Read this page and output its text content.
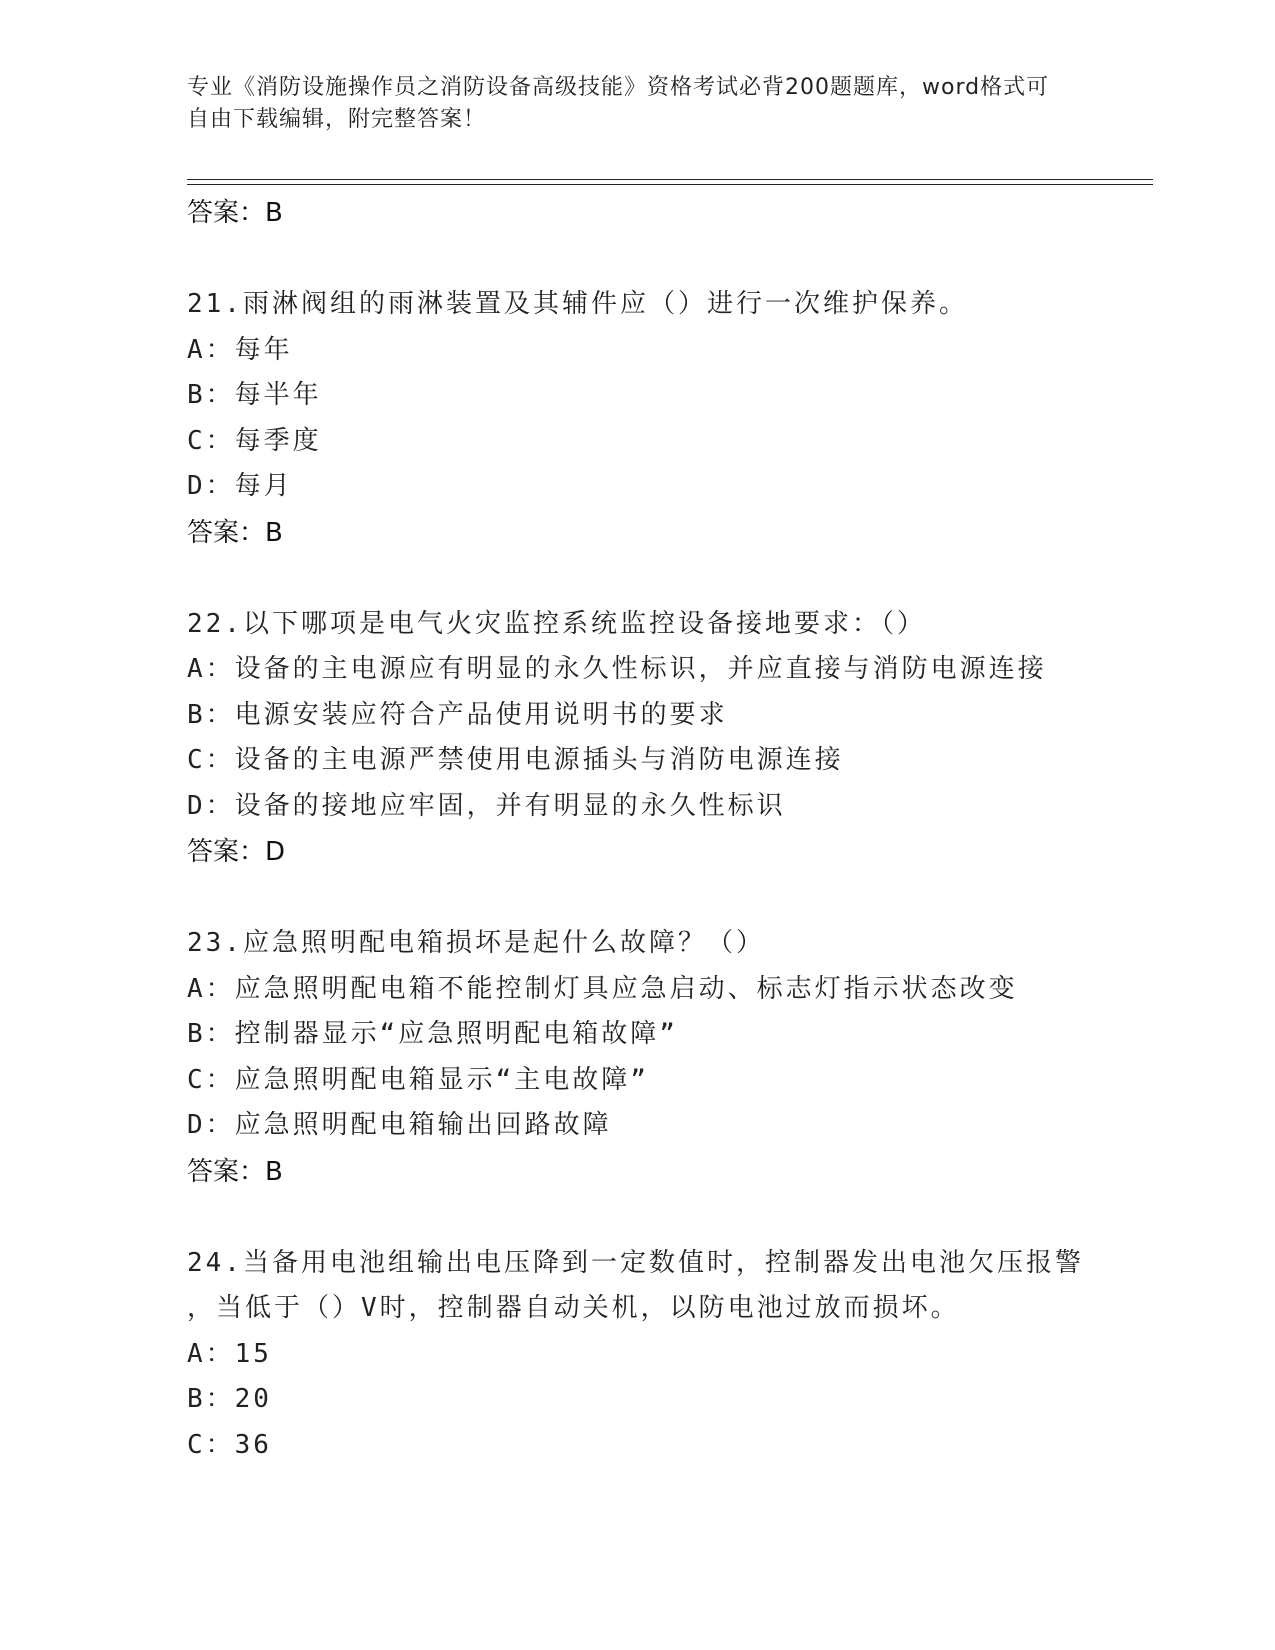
专业《消防设施操作员之消防设备高级技能》资格考试必背200题题库，word格式可自由下载编辑，附完整答案！
答案：B
21.雨淋阀组的雨淋装置及其辅件应（）进行一次维护保养。
A：每年
B：每半年
C：每季度
D：每月
答案：B
22.以下哪项是电气火灾监控系统监控设备接地要求：（）
A：设备的主电源应有明显的永久性标识，并应直接与消防电源连接
B：电源安装应符合产品使用说明书的要求
C：设备的主电源严禁使用电源插头与消防电源连接
D：设备的接地应牢固，并有明显的永久性标识
答案：D
23.应急照明配电箱损坏是起什么故障？（）
A：应急照明配电箱不能控制灯具应急启动、标志灯指示状态改变
B：控制器显示“应急照明配电箱故障”
C：应急照明配电箱显示“主电故障”
D：应急照明配电箱输出回路故障
答案：B
24.当备用电池组输出电压降到一定数值时，控制器发出电池欠压报警
，当低于（）V时，控制器自动关机，以防电池过放而损坏。
A：15
B：20
C：36
